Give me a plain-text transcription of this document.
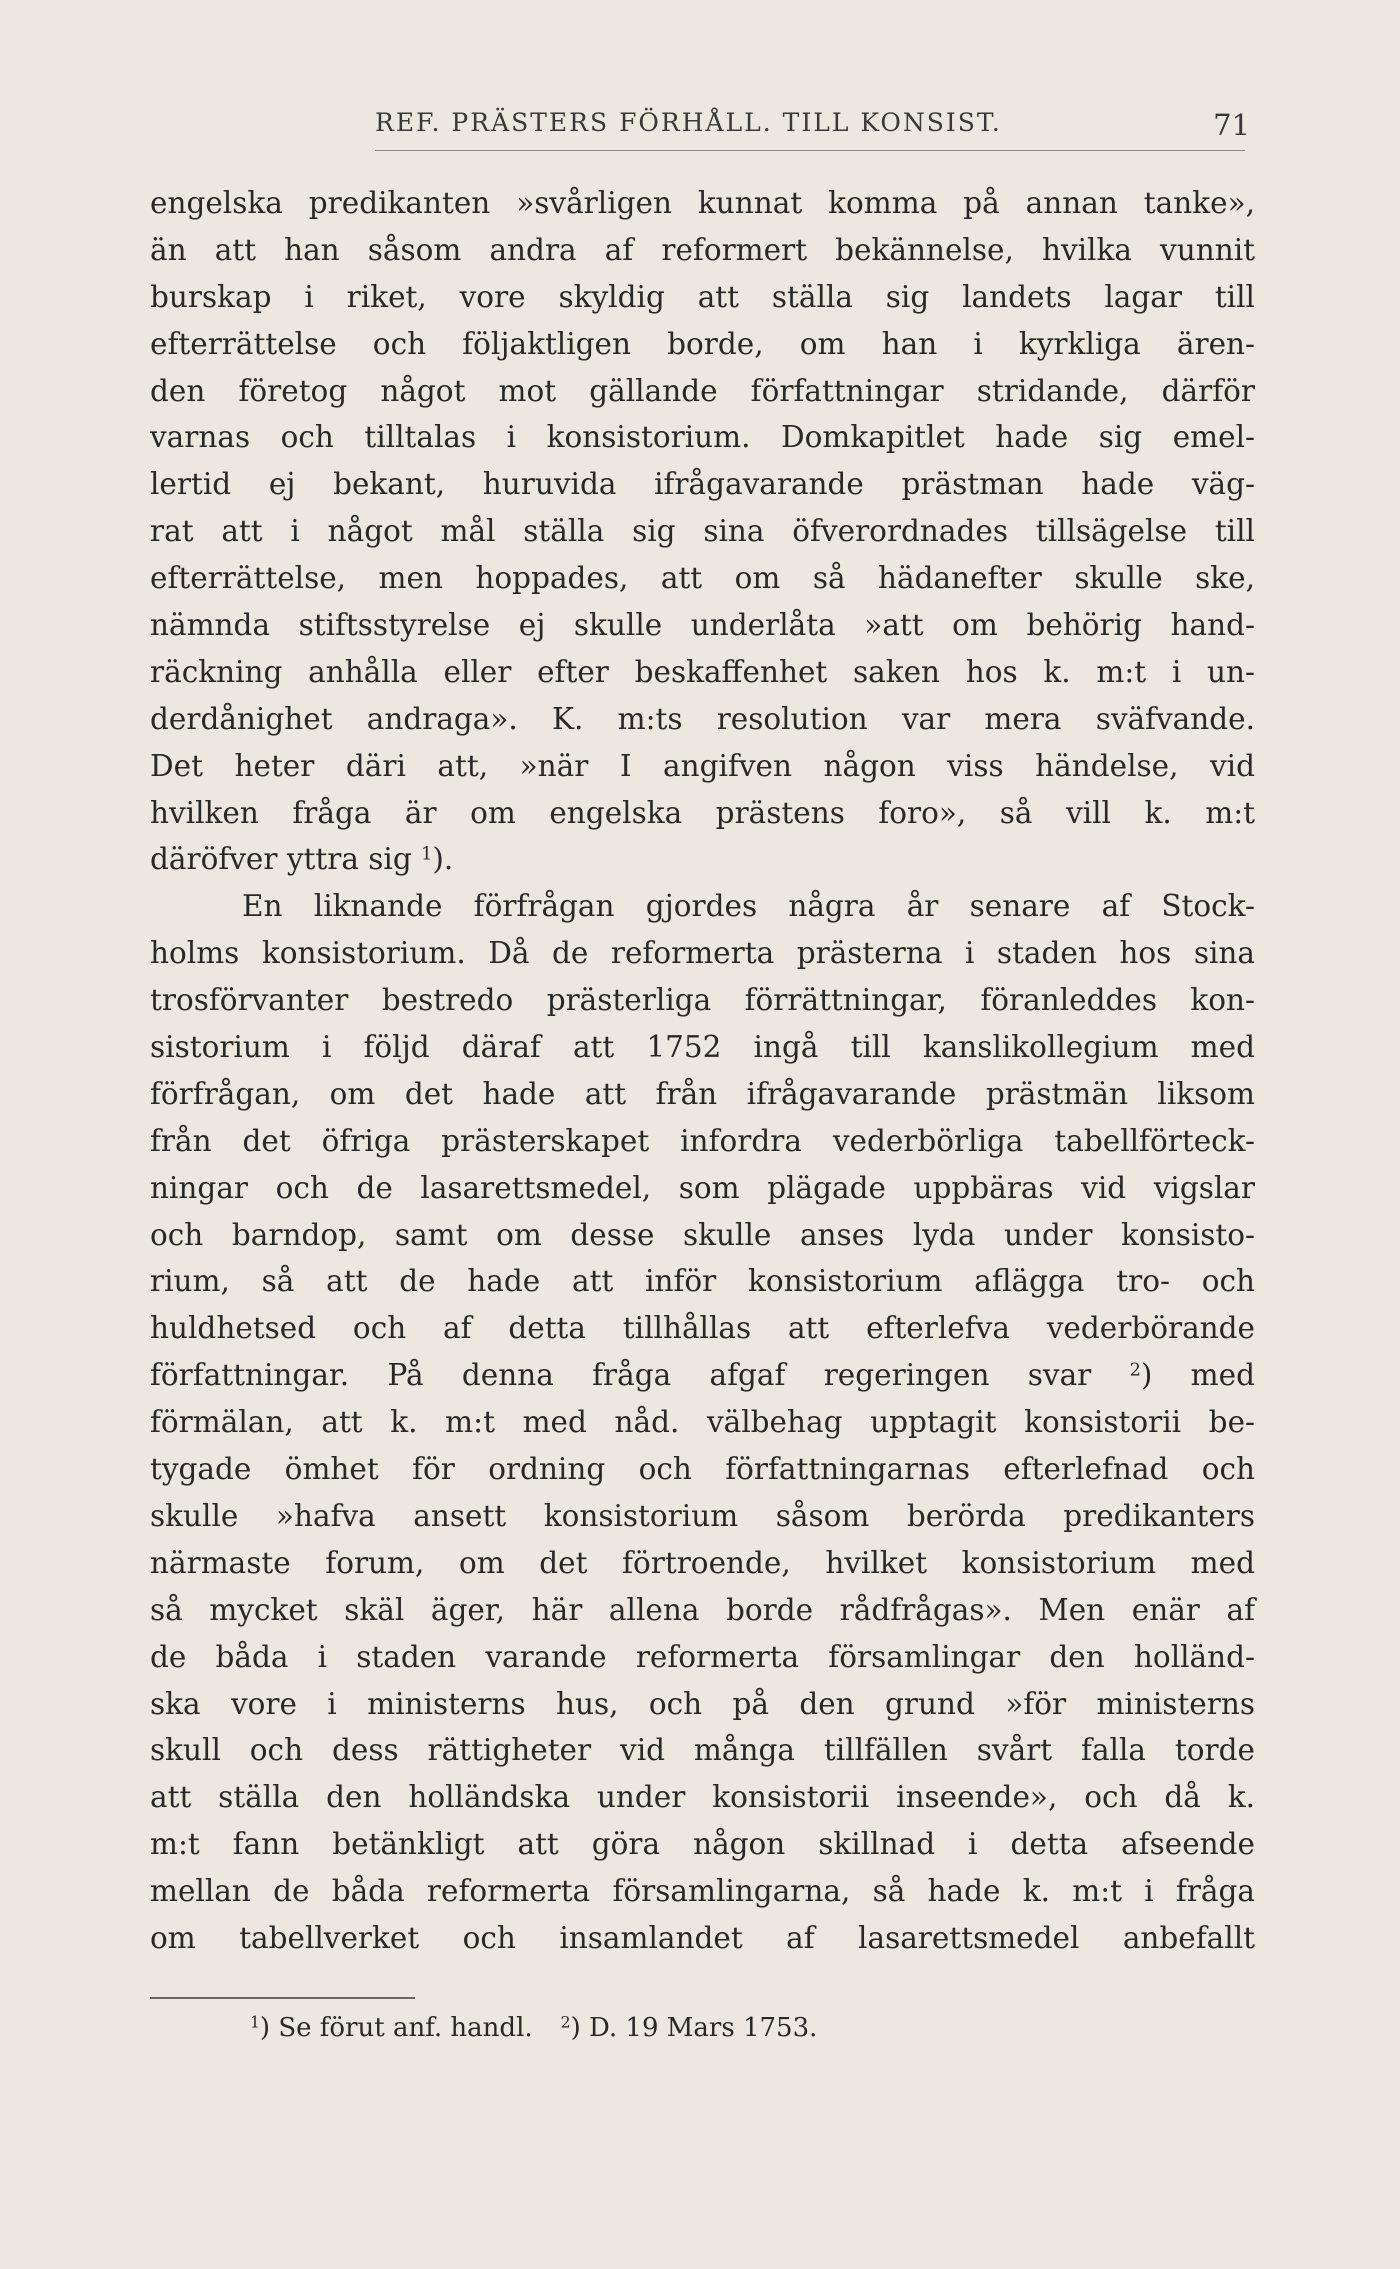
REF. PRÄSTERS FÖRHÅLL. TILL KONSIST.	71
engelska predikanten »svårligen kunnat komma på annan tanke»,
än att han såsom andra af reformert bekännelse, hvilka vunnit
burskap i riket, vore skyldig att ställa sig landets lagar till
efterrättelse och följaktligen borde, om han i kyrkliga ären-
den företog något mot gällande författningar stridande, därför
varnas och tilltalas i konsistorium. Domkapitlet hade sig emel-
lertid ej bekant, huruvida ifrågavarande prästman hade väg-
rat att i något mål ställa sig sina öfverordnades tillsägelse till
efterrättelse, men hoppades, att om så hädanefter skulle ske,
nämnda stiftsstyrelse ej skulle underlåta »att om behörig hand-
räckning anhålla eller efter beskaffenhet saken hos k. m:t i un-
derdånighet andraga». K. m:ts resolution var mera sväfvande.
Det heter däri att, »när I angifven någon viss händelse, vid
hvilken fråga är om engelska prästens foro», så vill k. m:t
däröfver yttra sig $^1$).
En liknande förfrågan gjordes några år senare af Stock-
holms konsistorium. Då de reformerta prästerna i staden hos sina
trosförvanter bestredo prästerliga förrättningar, föranleddes kon-
sistorium i följd däraf att 1752 ingå till kanslikollegium med
förfrågan, om det hade att från ifrågavarande prästmän liksom
från det öfriga prästerskapet infordra vederbörliga tabellförteck-
ningar och de lasarettsmedel, som plägade uppbäras vid vigslar
och barndop, samt om desse skulle anses lyda under konsisto-
rium, så att de hade att inför konsistorium aflägga tro- och
huldhetsed och af detta tillhållas att efterlefva vederbörande
författningar. På denna fråga afgaf regeringen svar $^2$) med
förmälan, att k. m:t med nåd. välbehag upptagit konsistorii be-
tygade ömhet för ordning och författningarnas efterlefnad och
skulle »hafva ansett konsistorium såsom berörda predikanters
närmaste forum, om det förtroende, hvilket konsistorium med
så mycket skäl äger, här allena borde rådfrågas». Men enär af
de båda i staden varande reformerta församlingar den holländ-
ska vore i ministerns hus, och på den grund »för ministerns
skull och dess rättigheter vid många tillfällen svårt falla torde
att ställa den holländska under konsistorii inseende», och då k.
m:t fann betänkligt att göra någon skillnad i detta afseende
mellan de båda reformerta församlingarna, så hade k. m:t i fråga
om tabellverket och insamlandet af lasarettsmedel anbefallt
$^1$) Se förut anf. handl. $^2$) D. 19 Mars 1753.
